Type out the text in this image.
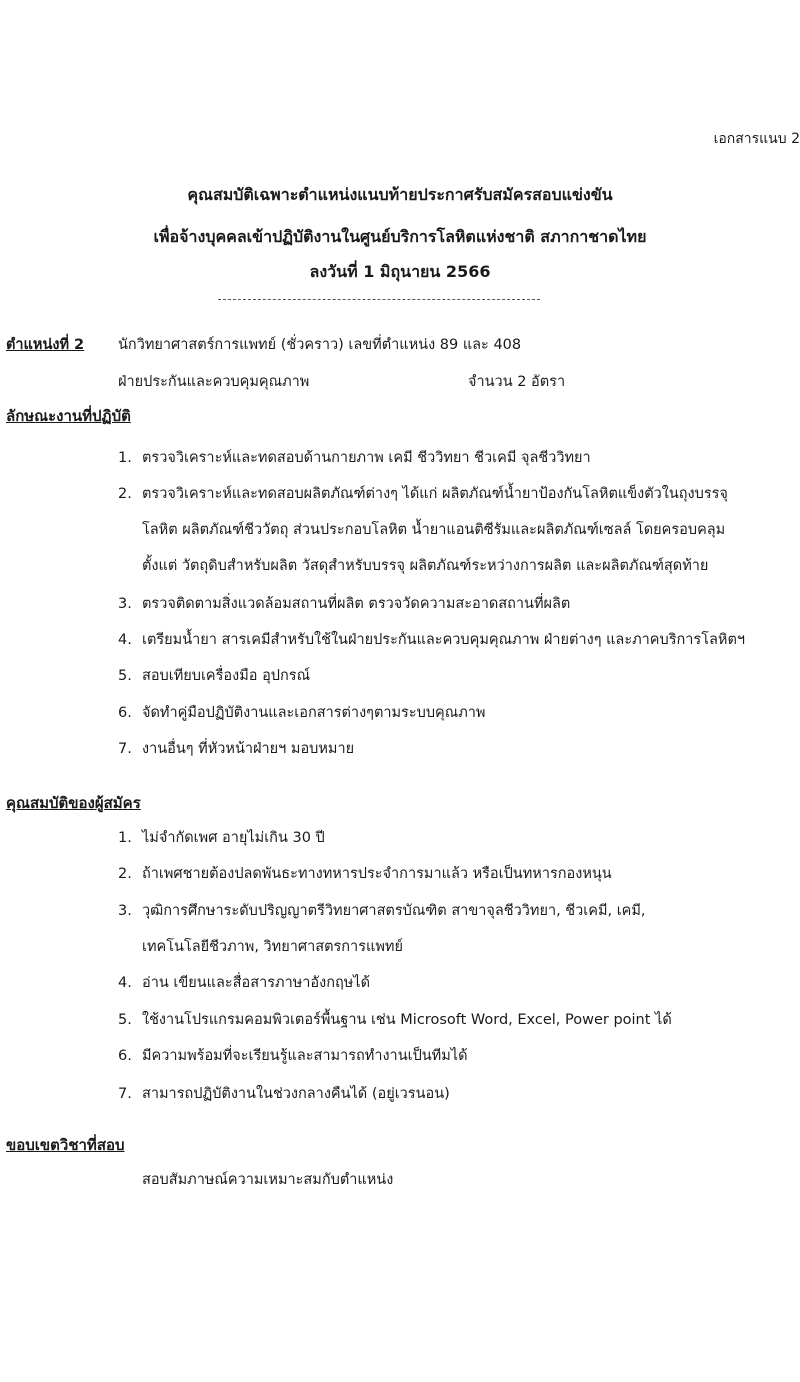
เอกสารแนบ 2
คุณสมบัติเฉพาะตำแหน่งแนบท้ายประกาศรับสมัครสอบแข่งขัน
เพื่อจ้างบุคคลเข้าปฏิบัติงานในศูนย์บริการโลหิตแห่งชาติ สภากาชาดไทย
ลงวันที่ 1 มิถุนายน 2566
ตำแหน่งที่ 2 นักวิทยาศาสตร์การแพทย์ (ชั่วคราว) เลขที่ตำแหน่ง 89 และ 408
ฝ่ายประกันและควบคุมคุณภาพ	จำนวน 2 อัตรา
ลักษณะงานที่ปฏิบัติ
1. ตรวจวิเคราะห์และทดสอบด้านกายภาพ เคมี ชีววิทยา ชีวเคมี จุลชีววิทยา
2. ตรวจวิเคราะห์และทดสอบผลิตภัณฑ์ต่างๆ ได้แก่ ผลิตภัณฑ์น้ำยาป้องกันโลหิตแข็งตัวในถุงบรรจุ
โลหิต ผลิตภัณฑ์ชีววัตถุ ส่วนประกอบโลหิต น้ำยาแอนติซีรัมและผลิตภัณฑ์เซลล์ โดยครอบคลุม
ตั้งแต่ วัตถุดิบสำหรับผลิต วัสดุสำหรับบรรจุ ผลิตภัณฑ์ระหว่างการผลิต และผลิตภัณฑ์สุดท้าย
3. ตรวจติดตามสิ่งแวดล้อมสถานที่ผลิต ตรวจวัดความสะอาดสถานที่ผลิต
4. เตรียมน้ำยา สารเคมีสำหรับใช้ในฝ่ายประกันและควบคุมคุณภาพ ฝ่ายต่างๆ และภาคบริการโลหิตฯ
5. สอบเทียบเครื่องมือ อุปกรณ์
6. จัดทำคู่มือปฏิบัติงานและเอกสารต่างๆตามระบบคุณภาพ
7. งานอื่นๆ ที่หัวหน้าฝ่ายฯ มอบหมาย
คุณสมบัติของผู้สมัคร
1. ไม่จำกัดเพศ อายุไม่เกิน 30 ปี
2. ถ้าเพศชายต้องปลดพันธะทางทหารประจำการมาแล้ว หรือเป็นทหารกองหนุน
3. วุฒิการศึกษาระดับปริญญาตรีวิทยาศาสตรบัณฑิต สาขาจุลชีววิทยา, ชีวเคมี, เคมี,
เทคโนโลยีชีวภาพ, วิทยาศาสตรการแพทย์
4. อ่าน เขียนและสื่อสารภาษาอังกฤษได้
5. ใช้งานโปรแกรมคอมพิวเตอร์พื้นฐาน เช่น Microsoft Word, Excel, Power point ได้
6. มีความพร้อมที่จะเรียนรู้และสามารถทำงานเป็นทีมได้
7. สามารถปฏิบัติงานในช่วงกลางคืนได้ (อยู่เวรนอน)
ขอบเขตวิชาที่สอบ
สอบสัมภาษณ์ความเหมาะสมกับตำแหน่ง
